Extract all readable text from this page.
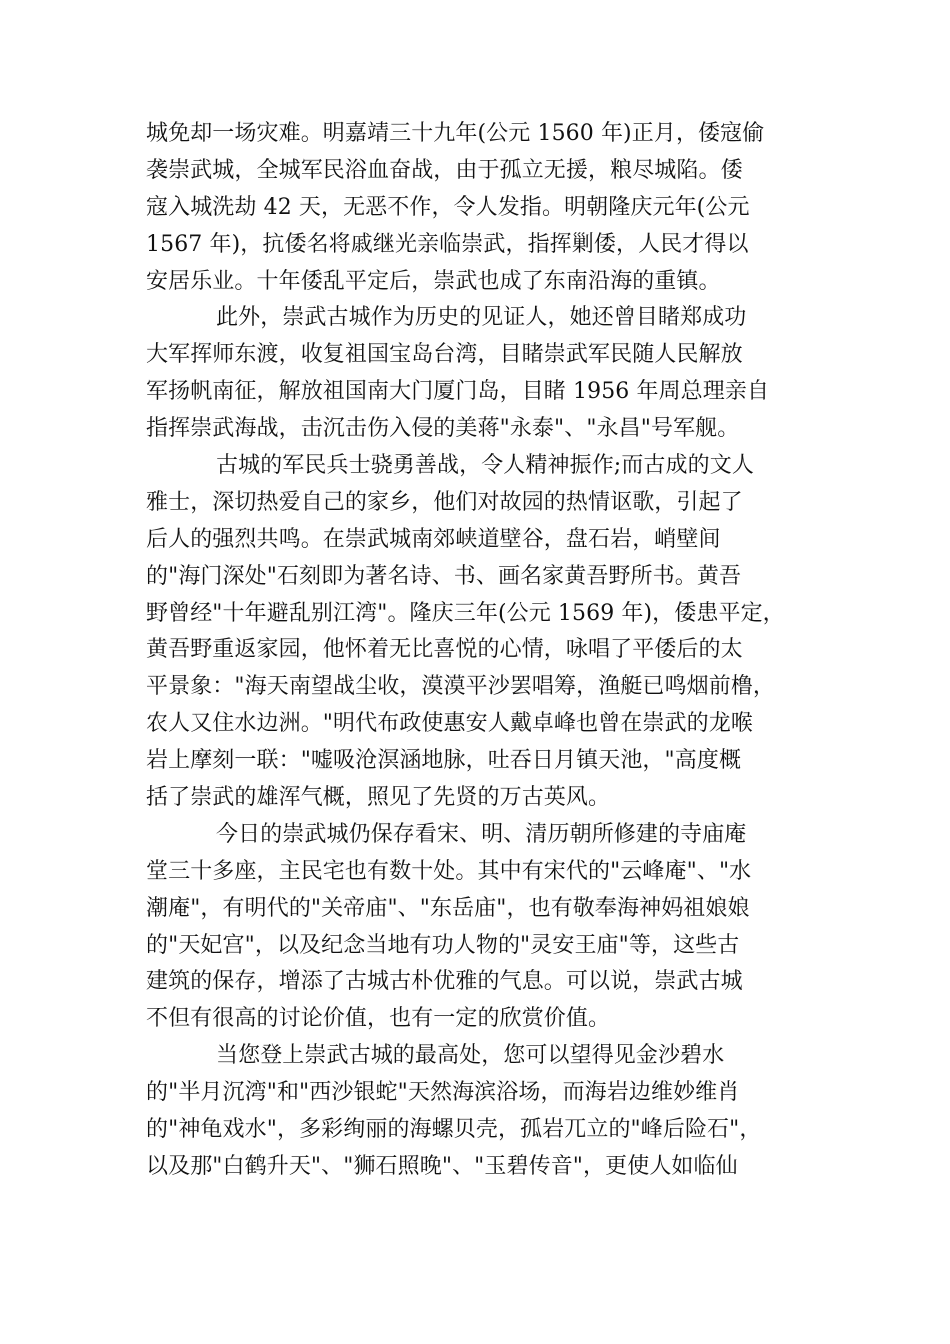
城免却一场灾难。明嘉靖三十九年(公元 1560 年)正月，倭寇偷
袭崇武城，全城军民浴血奋战，由于孤立无援，粮尽城陷。倭
寇入城洗劫 42 天，无恶不作，令人发指。明朝隆庆元年(公元
1567 年)，抗倭名将戚继光亲临崇武，指挥剿倭，人民才得以
安居乐业。十年倭乱平定后，崇武也成了东南沿海的重镇。
此外，崇武古城作为历史的见证人，她还曾目睹郑成功
大军挥师东渡，收复祖国宝岛台湾，目睹崇武军民随人民解放
军扬帆南征，解放祖国南大门厦门岛，目睹 1956 年周总理亲自
指挥崇武海战，击沉击伤入侵的美蒋"永泰"、"永昌"号军舰。
古城的军民兵士骁勇善战，令人精神振作;而古成的文人
雅士，深切热爱自己的家乡，他们对故园的热情讴歌，引起了
后人的强烈共鸣。在崇武城南郊峡道壁谷，盘石岩，峭壁间
的"海门深处"石刻即为著名诗、书、画名家黄吾野所书。黄吾
野曾经"十年避乱别江湾"。隆庆三年(公元 1569 年)，倭患平定，
黄吾野重返家园，他怀着无比喜悦的心情，咏唱了平倭后的太
平景象："海天南望战尘收，漠漠平沙罢唱筹，渔艇已鸣烟前橹，
农人又住水边洲。"明代布政使惠安人戴卓峰也曾在崇武的龙喉
岩上摩刻一联："嘘吸沧溟涵地脉，吐吞日月镇天池，"高度概
括了崇武的雄浑气概，照见了先贤的万古英风。
今日的崇武城仍保存看宋、明、清历朝所修建的寺庙庵
堂三十多座，主民宅也有数十处。其中有宋代的"云峰庵"、"水
潮庵"，有明代的"关帝庙"、"东岳庙"，也有敬奉海神妈祖娘娘
的"天妃宫"，以及纪念当地有功人物的"灵安王庙"等，这些古
建筑的保存，增添了古城古朴优雅的气息。可以说，崇武古城
不但有很高的讨论价值，也有一定的欣赏价值。
当您登上崇武古城的最高处，您可以望得见金沙碧水
的"半月沉湾"和"西沙银蛇"天然海滨浴场，而海岩边维妙维肖
的"神龟戏水"，多彩绚丽的海螺贝壳，孤岩兀立的"峰后险石"，
以及那"白鹤升天"、"狮石照晚"、"玉碧传音"，更使人如临仙
